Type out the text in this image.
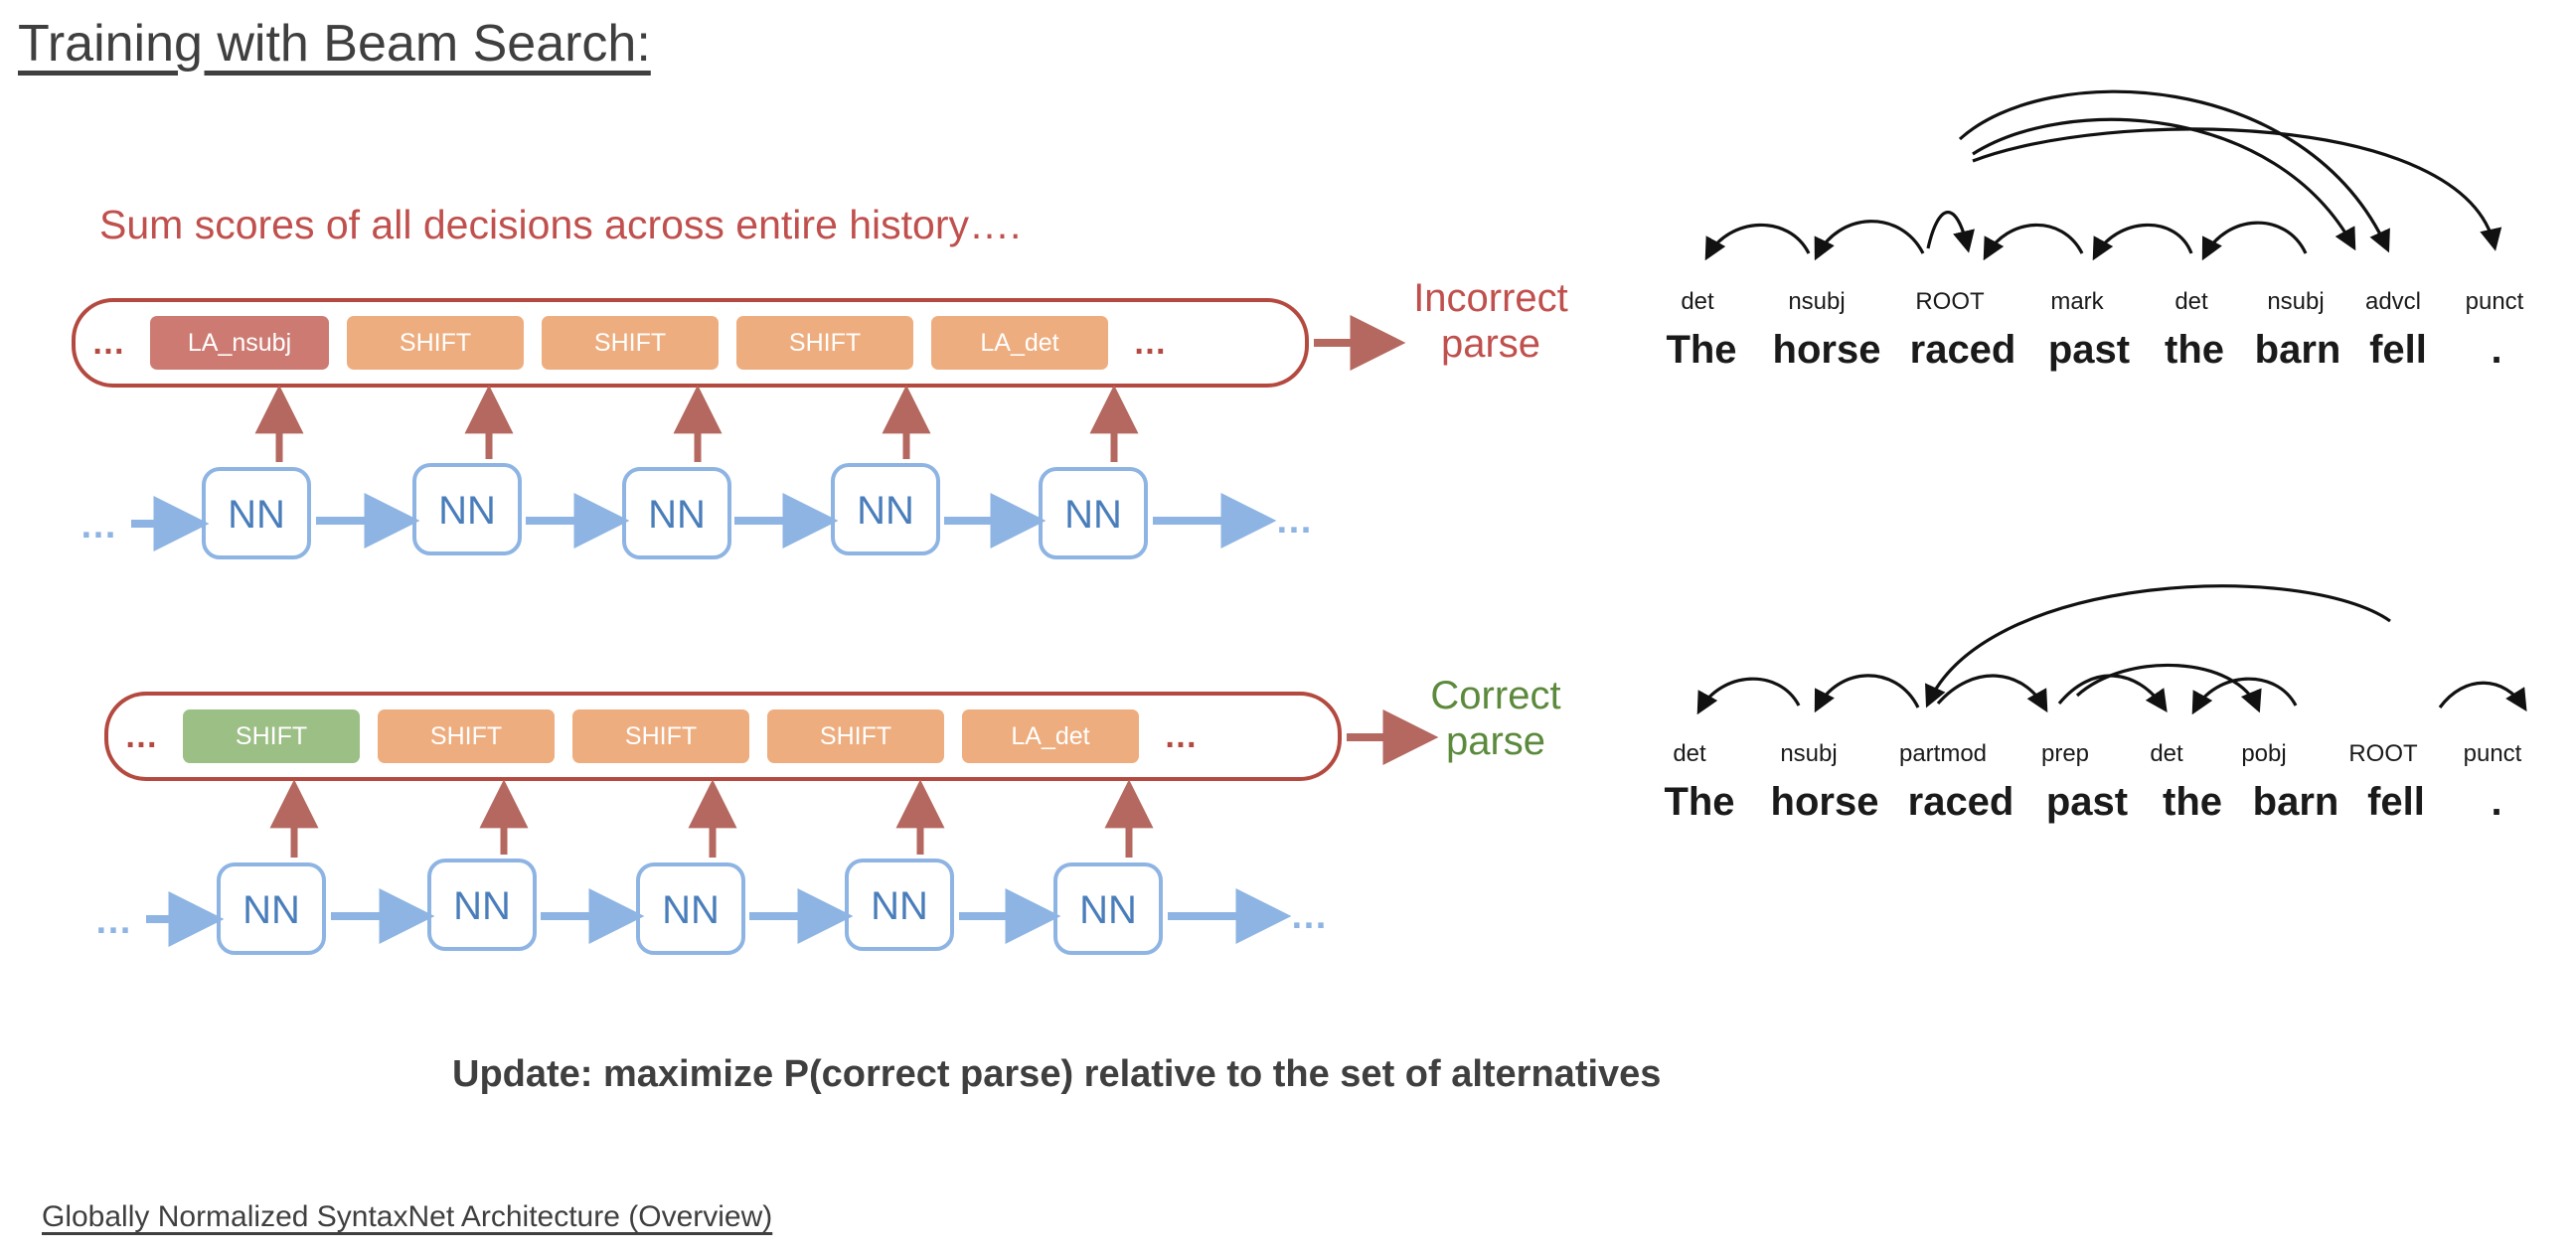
Training with Beam Search:
Globally Normalized SyntaxNet Architecture (Overview)
Sum scores of all decisions across entire history….
Update: maximize P(correct parse) relative to the set of alternatives
…	LA_nsubj	SHIFT	SHIFT	SHIFT	LA_det	…
Incorrect
parse
…	NN	NN	NN	NN	NN	…
…	SHIFT	SHIFT	SHIFT	SHIFT	LA_det	…
Correct
parse
…	NN	NN	NN	NN	NN	…
det	nsubj	ROOT	mark	det nsubj advcl punct
The horse raced past the barn fell .
det	nsubj	partmod prep	det pobj	ROOT punct
The horse raced past the barn fell .
